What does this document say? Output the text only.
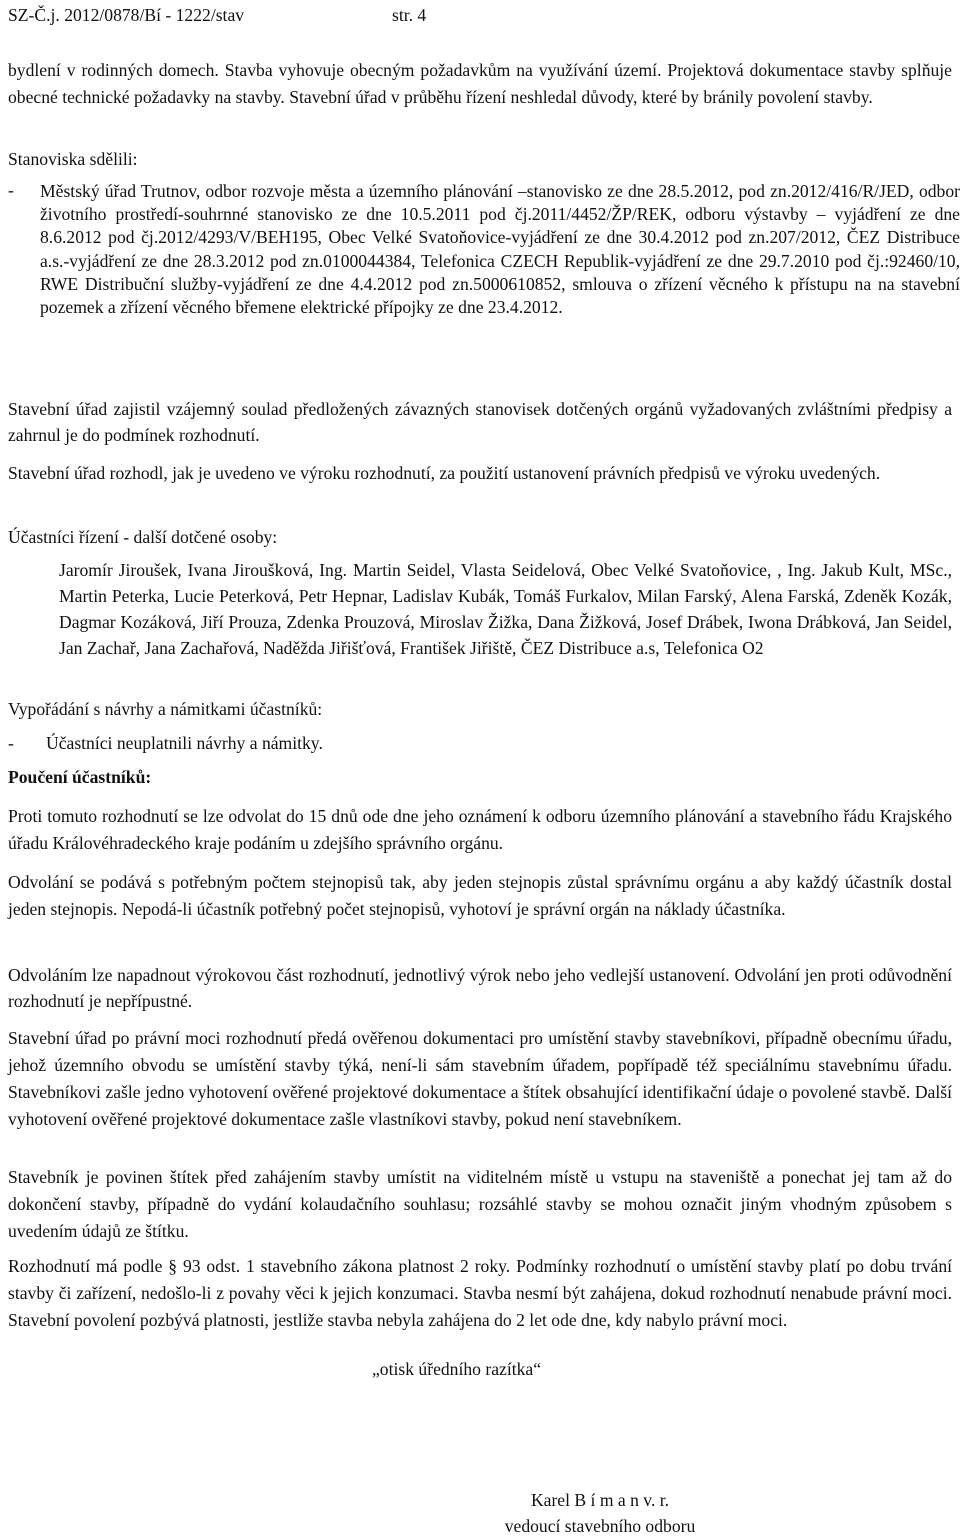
SZ-Č.j. 2012/0878/Bí - 1222/stav	str. 4
bydlení v rodinných domech. Stavba vyhovuje obecným požadavkům na využívání území. Projektová dokumentace stavby splňuje obecné technické požadavky na stavby. Stavební úřad v průběhu řízení neshledal důvody, které by bránily povolení stavby.
Stanoviska sdělili:
- Městský úřad Trutnov, odbor rozvoje města a územního plánování –stanovisko ze dne 28.5.2012, pod zn.2012/416/R/JED, odbor životního prostředí-souhrnné stanovisko ze dne 10.5.2011 pod čj.2011/4452/ŽP/REK, odboru výstavby – vyjádření ze dne 8.6.2012 pod čj.2012/4293/V/BEH195, Obec Velké Svatoňovice-vyjádření ze dne 30.4.2012 pod zn.207/2012, ČEZ Distribuce a.s.-vyjádření ze dne 28.3.2012 pod zn.0100044384, Telefonica CZECH Republik-vyjádření ze dne 29.7.2010 pod čj.:92460/10, RWE Distribuční služby-vyjádření ze dne 4.4.2012 pod zn.5000610852, smlouva o zřízení věcného k přístupu na na stavební pozemek a zřízení věcného břemene elektrické přípojky ze dne 23.4.2012.
Stavební úřad zajistil vzájemný soulad předložených závazných stanovisek dotčených orgánů vyžadovaných zvláštními předpisy a zahrnul je do podmínek rozhodnutí.
Stavební úřad rozhodl, jak je uvedeno ve výroku rozhodnutí, za použití ustanovení právních předpisů ve výroku uvedených.
Účastníci řízení - další dotčené osoby:
Jaromír Jiroušek, Ivana Jiroušková, Ing. Martin Seidel, Vlasta Seidelová, Obec Velké Svatoňovice, , Ing. Jakub Kult, MSc., Martin Peterka, Lucie Peterková, Petr Hepnar, Ladislav Kubák, Tomáš Furkalov, Milan Farský, Alena Farská, Zdeněk Kozák, Dagmar Kozáková, Jiří Prouza, Zdenka Prouzová, Miroslav Žižka, Dana Žižková, Josef Drábek, Iwona Drábková, Jan Seidel, Jan Zachař, Jana Zachařová, Naděžda Jiřišťová, František Jiřiště, ČEZ Distribuce a.s, Telefonica O2
Vypořádání s návrhy a námitkami účastníků:
- Účastníci neuplatnili návrhy a námitky.
Poučení účastníků:
Proti tomuto rozhodnutí se lze odvolat do 15 dnů ode dne jeho oznámení k odboru územního plánování a stavebního řádu Krajského úřadu Královéhradeckého kraje podáním u zdejšího správního orgánu.
Odvolání se podává s potřebným počtem stejnopisů tak, aby jeden stejnopis zůstal správnímu orgánu a aby každý účastník dostal jeden stejnopis. Nepodá-li účastník potřebný počet stejnopisů, vyhotoví je správní orgán na náklady účastníka.
Odvoláním lze napadnout výrokovou část rozhodnutí, jednotlivý výrok nebo jeho vedlejší ustanovení. Odvolání jen proti odůvodnění rozhodnutí je nepřípustné.
Stavební úřad po právní moci rozhodnutí předá ověřenou dokumentaci pro umístění stavby stavebníkovi, případně obecnímu úřadu, jehož územního obvodu se umístění stavby týká, není-li sám stavebním úřadem, popřípadě též speciálnímu stavebnímu úřadu. Stavebníkovi zašle jedno vyhotovení ověřené projektové dokumentace a štítek obsahující identifikační údaje o povolené stavbě. Další vyhotovení ověřené projektové dokumentace zašle vlastníkovi stavby, pokud není stavebníkem.
Stavebník je povinen štítek před zahájením stavby umístit na viditelném místě u vstupu na staveniště a ponechat jej tam až do dokončení stavby, případně do vydání kolaudačního souhlasu; rozsáhlé stavby se mohou označit jiným vhodným způsobem s uvedením údajů ze štítku.
Rozhodnutí má podle § 93 odst. 1 stavebního zákona platnost 2 roky. Podmínky rozhodnutí o umístění stavby platí po dobu trvání stavby či zařízení, nedošlo-li z povahy věci k jejich konzumaci. Stavba nesmí být zahájena, dokud rozhodnutí nenabude právní moci. Stavební povolení pozbývá platnosti, jestliže stavba nebyla zahájena do 2 let ode dne, kdy nabylo právní moci.
„otisk úředního razítka“
Karel B í m a n v. r.
vedoucí stavebního odboru
